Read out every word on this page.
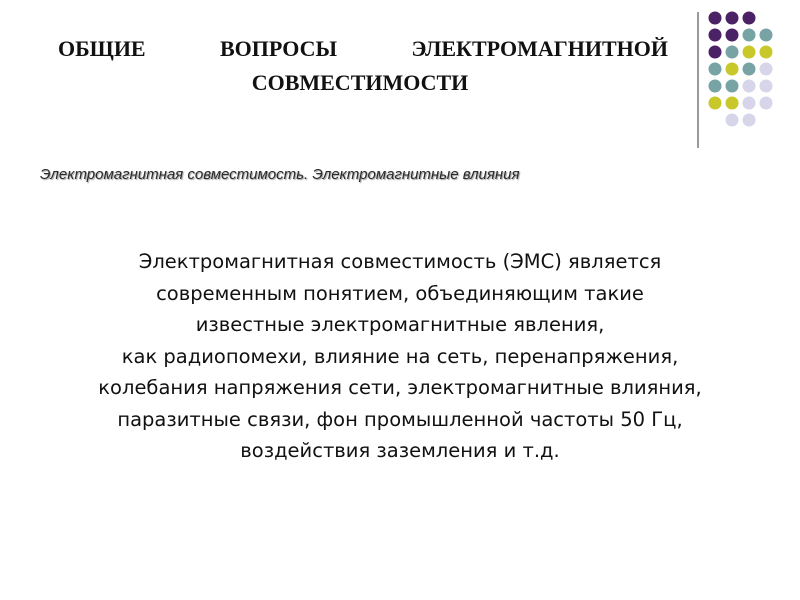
ОБЩИЕ	ВОПРОСЫ	ЭЛЕКТРОМАГНИТНОЙ
СОВМЕСТИМОСТИ
Электромагнитная совместимость. Электромагнитные влияния
Электромагнитная совместимость (ЭМС) является
современным понятием, объединяющим такие
известные электромагнитные явления,
как радиопомехи, влияние на сеть, перенапряжения,
колебания напряжения сети, электромагнитные влияния,
паразитные связи, фон промышленной частоты 50 Гц,
воздействия заземления и т.д.
